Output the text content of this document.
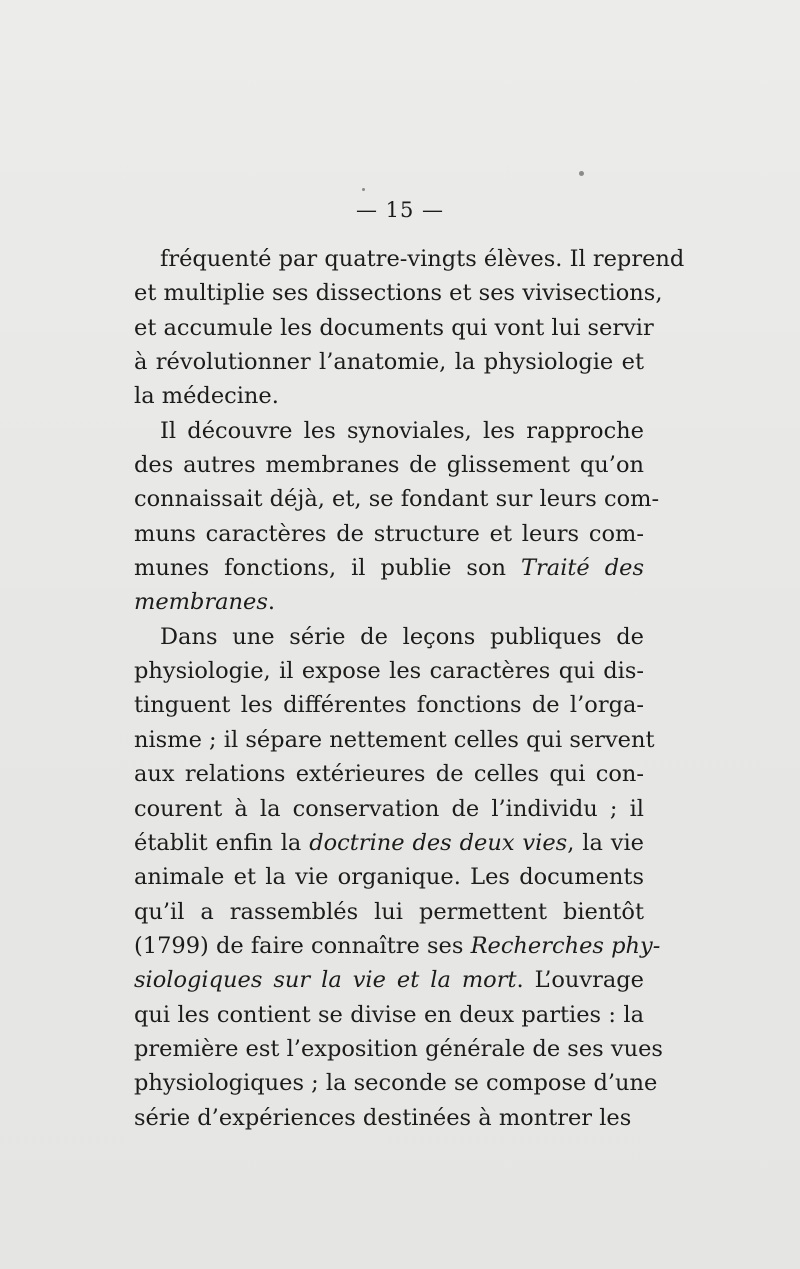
— 15 —
fréquenté par quatre-vingts élèves. Il reprend
et multiplie ses dissections et ses vivisections,
et accumule les documents qui vont lui servir
à révolutionner l’anatomie, la physiologie et
la médecine.
Il découvre les synoviales, les rapproche
des autres membranes de glissement qu’on
connaissait déjà, et, se fondant sur leurs com-
muns caractères de structure et leurs com-
munes fonctions, il publie son Traité des
membranes.
Dans une série de leçons publiques de
physiologie, il expose les caractères qui dis-
tinguent les différentes fonctions de l’orga-
nisme ; il sépare nettement celles qui servent
aux relations extérieures de celles qui con-
courent à la conservation de l’individu ; il
établit enfin la doctrine des deux vies, la vie
animale et la vie organique. Les documents
qu’il a rassemblés lui permettent bientôt
(1799) de faire connaître ses Recherches phy-
siologiques sur la vie et la mort. L’ouvrage
qui les contient se divise en deux parties : la
première est l’exposition générale de ses vues
physiologiques ; la seconde se compose d’une
série d’expériences destinées à montrer les
